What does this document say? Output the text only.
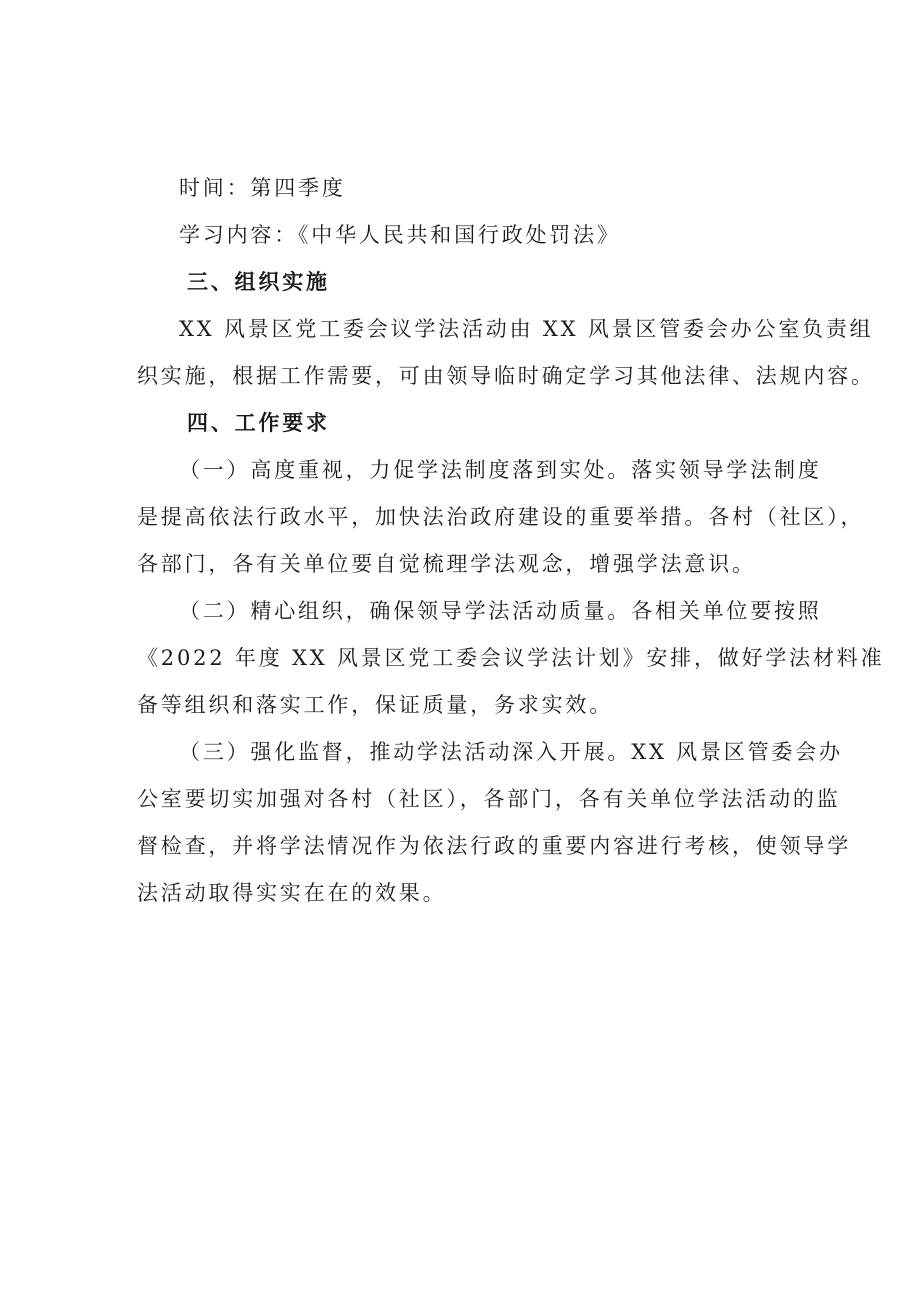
时间：第四季度
学习内容：《中华人民共和国行政处罚法》
三、组织实施
XX 风景区党工委会议学法活动由 XX 风景区管委会办公室负责组
织实施，根据工作需要，可由领导临时确定学习其他法律、法规内容。
四、工作要求
（一）高度重视，力促学法制度落到实处。落实领导学法制度
是提高依法行政水平，加快法治政府建设的重要举措。各村（社区），
各部门，各有关单位要自觉梳理学法观念，增强学法意识。
（二）精心组织，确保领导学法活动质量。各相关单位要按照
《2022 年度 XX 风景区党工委会议学法计划》安排，做好学法材料准
备等组织和落实工作，保证质量，务求实效。
（三）强化监督，推动学法活动深入开展。XX 风景区管委会办
公室要切实加强对各村（社区），各部门，各有关单位学法活动的监
督检查，并将学法情况作为依法行政的重要内容进行考核，使领导学
法活动取得实实在在的效果。
